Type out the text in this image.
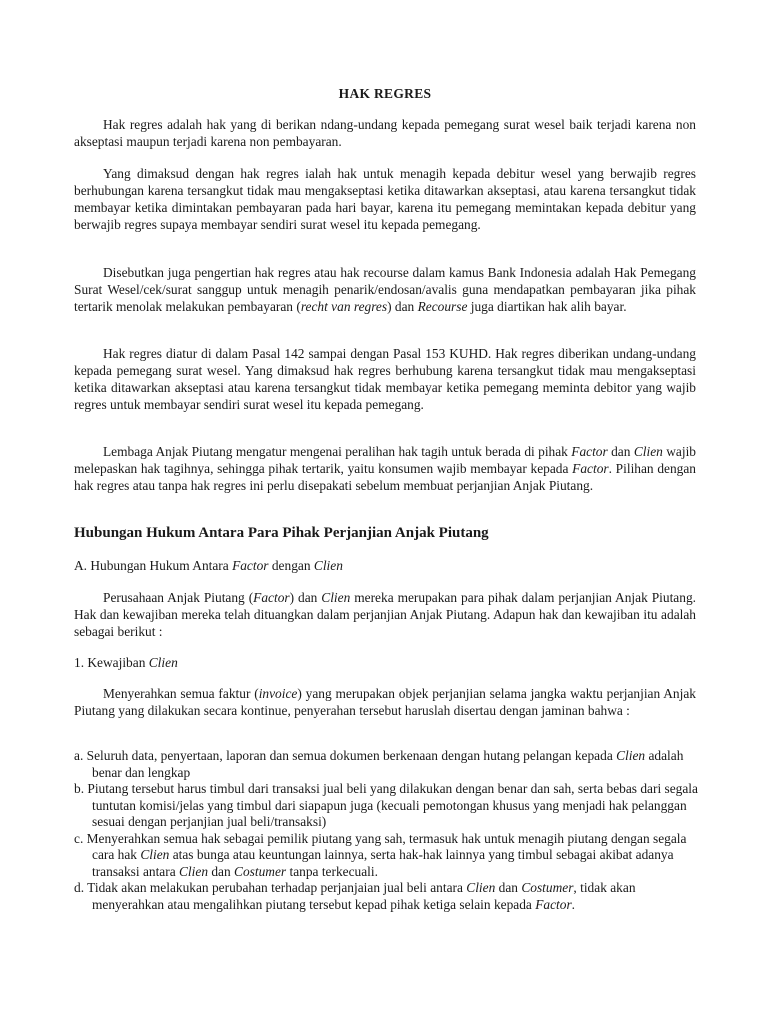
HAK REGRES

Hak regres adalah hak yang di berikan ndang-undang kepada pemegang surat wesel baik terjadi karena non akseptasi maupun terjadi karena non pembayaran.

Yang dimaksud dengan hak regres ialah hak untuk menagih kepada debitur wesel yang berwajib regres berhubungan karena tersangkut tidak mau mengakseptasi ketika ditawarkan akseptasi, atau karena tersangkut tidak membayar ketika dimintakan pembayaran pada hari bayar, karena itu pemegang memintakan kepada debitur yang berwajib regres supaya membayar sendiri surat wesel itu kepada pemegang.

Disebutkan juga pengertian hak regres atau hak recourse dalam kamus Bank Indonesia adalah Hak Pemegang Surat Wesel/cek/surat sanggup untuk menagih penarik/endosan/avalis guna mendapatkan pembayaran jika pihak tertarik menolak melakukan pembayaran (recht van regres) dan Recourse juga diartikan hak alih bayar.

Hak regres diatur di dalam Pasal 142 sampai dengan Pasal 153 KUHD. Hak regres diberikan undang-undang kepada pemegang surat wesel. Yang dimaksud hak regres berhubung karena tersangkut tidak mau mengakseptasi ketika ditawarkan akseptasi atau karena tersangkut tidak membayar ketika pemegang meminta debitor yang wajib regres untuk membayar sendiri surat wesel itu kepada pemegang.

Lembaga Anjak Piutang mengatur mengenai peralihan hak tagih untuk berada di pihak Factor dan Clien wajib melepaskan hak tagihnya, sehingga pihak tertarik, yaitu konsumen wajib membayar kepada Factor. Pilihan dengan hak regres atau tanpa hak regres ini perlu disepakati sebelum membuat perjanjian Anjak Piutang.

Hubungan Hukum Antara Para Pihak Perjanjian Anjak Piutang

A. Hubungan Hukum Antara Factor dengan Clien

Perusahaan Anjak Piutang (Factor) dan Clien mereka merupakan para pihak dalam perjanjian Anjak Piutang. Hak dan kewajiban mereka telah dituangkan dalam perjanjian Anjak Piutang. Adapun hak dan kewajiban itu adalah sebagai berikut :

1. Kewajiban Clien

Menyerahkan semua faktur (invoice) yang merupakan objek perjanjian selama jangka waktu perjanjian Anjak Piutang yang dilakukan secara kontinue, penyerahan tersebut haruslah disertau dengan jaminan bahwa :

a. Seluruh data, penyertaan, laporan dan semua dokumen berkenaan dengan hutang pelangan kepada Clien adalah benar dan lengkap
b. Piutang tersebut harus timbul dari transaksi jual beli yang dilakukan dengan benar dan sah, serta bebas dari segala tuntutan komisi/jelas yang timbul dari siapapun juga (kecuali pemotongan khusus yang menjadi hak pelanggan sesuai dengan perjanjian jual beli/transaksi)
c. Menyerahkan semua hak sebagai pemilik piutang yang sah, termasuk hak untuk menagih piutang dengan segala cara hak Clien atas bunga atau keuntungan lainnya, serta hak-hak lainnya yang timbul sebagai akibat adanya transaksi antara Clien dan Costumer tanpa terkecuali.
d. Tidak akan melakukan perubahan terhadap perjanjaian jual beli antara Clien dan Costumer, tidak akan menyerahkan atau mengalihkan piutang tersebut kepad pihak ketiga selain kepada Factor.
